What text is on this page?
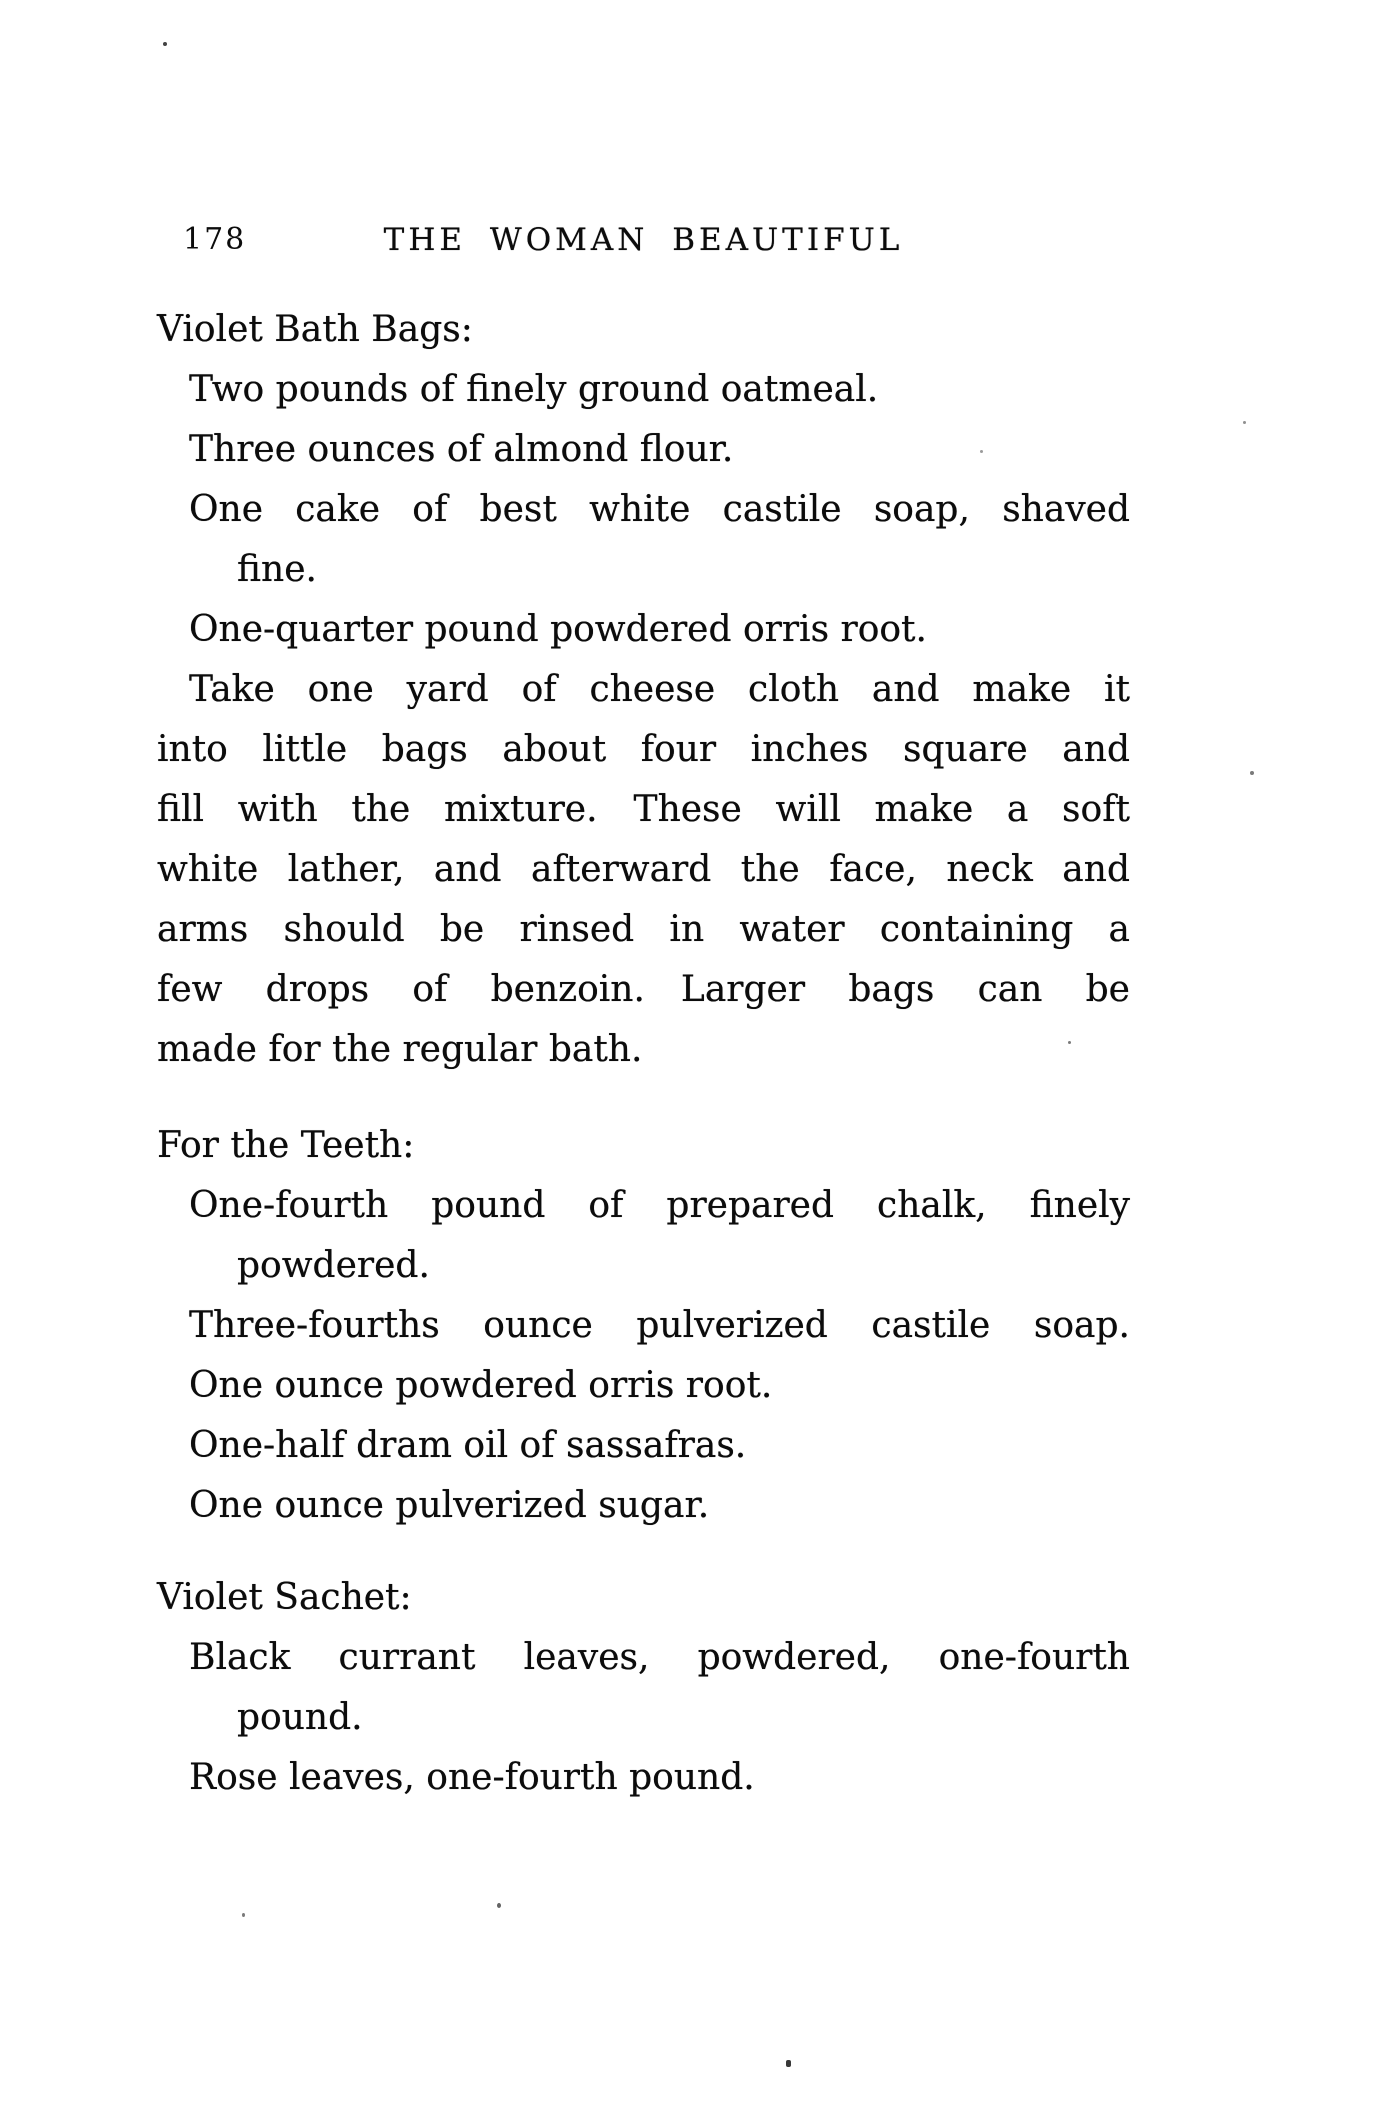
178	THE WOMAN BEAUTIFUL
Violet Bath Bags:
Two pounds of finely ground oatmeal.
Three ounces of almond flour.
One cake of best white castile soap, shaved
fine.
One-quarter pound powdered orris root.
Take one yard of cheese cloth and make it
into little bags about four inches square and
fill with the mixture. These will make a soft
white lather, and afterward the face, neck and
arms should be rinsed in water containing a
few drops of benzoin. Larger bags can be
made for the regular bath.
For the Teeth:
One-fourth pound of prepared chalk, finely
powdered.
Three-fourths ounce pulverized castile soap.
One ounce powdered orris root.
One-half dram oil of sassafras.
One ounce pulverized sugar.
Violet Sachet:
Black currant leaves, powdered, one-fourth
pound.
Rose leaves, one-fourth pound.
